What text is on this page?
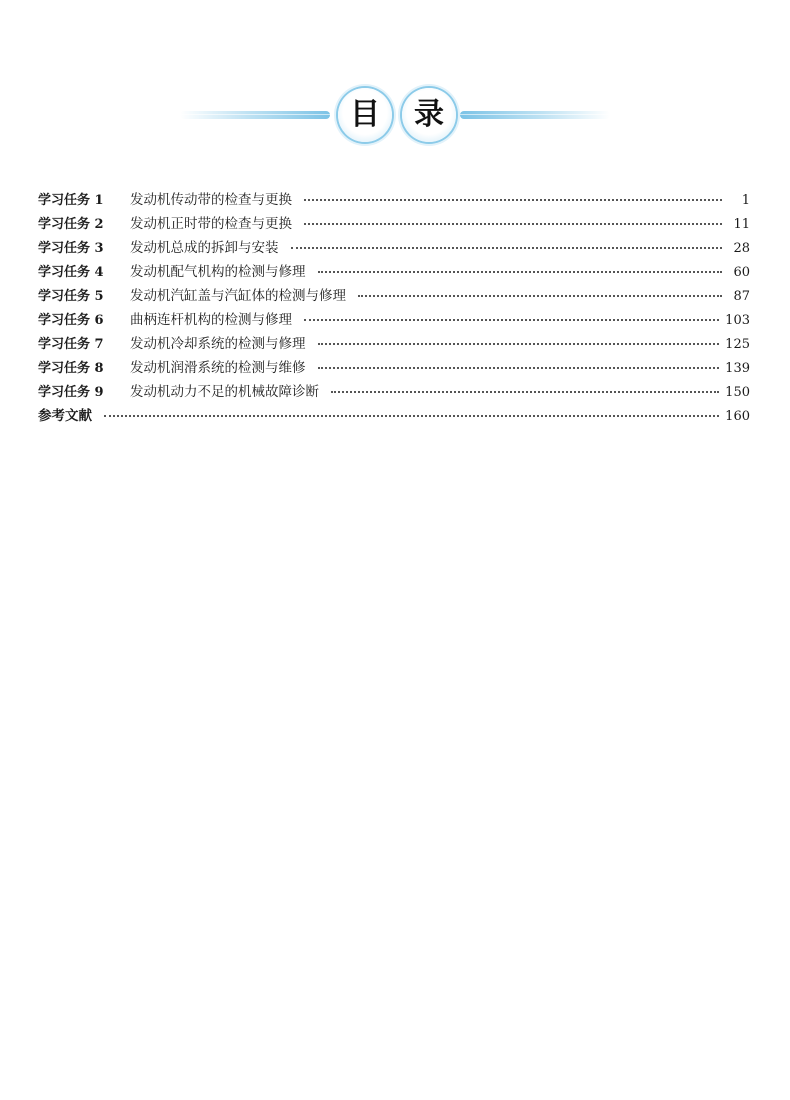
目 录
学习任务 1	发动机传动带的检查与更换	1
学习任务 2	发动机正时带的检查与更换	11
学习任务 3	发动机总成的拆卸与安装	28
学习任务 4	发动机配气机构的检测与修理	60
学习任务 5	发动机汽缸盖与汽缸体的检测与修理	87
学习任务 6	曲柄连杆机构的检测与修理	103
学习任务 7	发动机冷却系统的检测与修理	125
学习任务 8	发动机润滑系统的检测与维修	139
学习任务 9	发动机动力不足的机械故障诊断	150
参考文献	160
